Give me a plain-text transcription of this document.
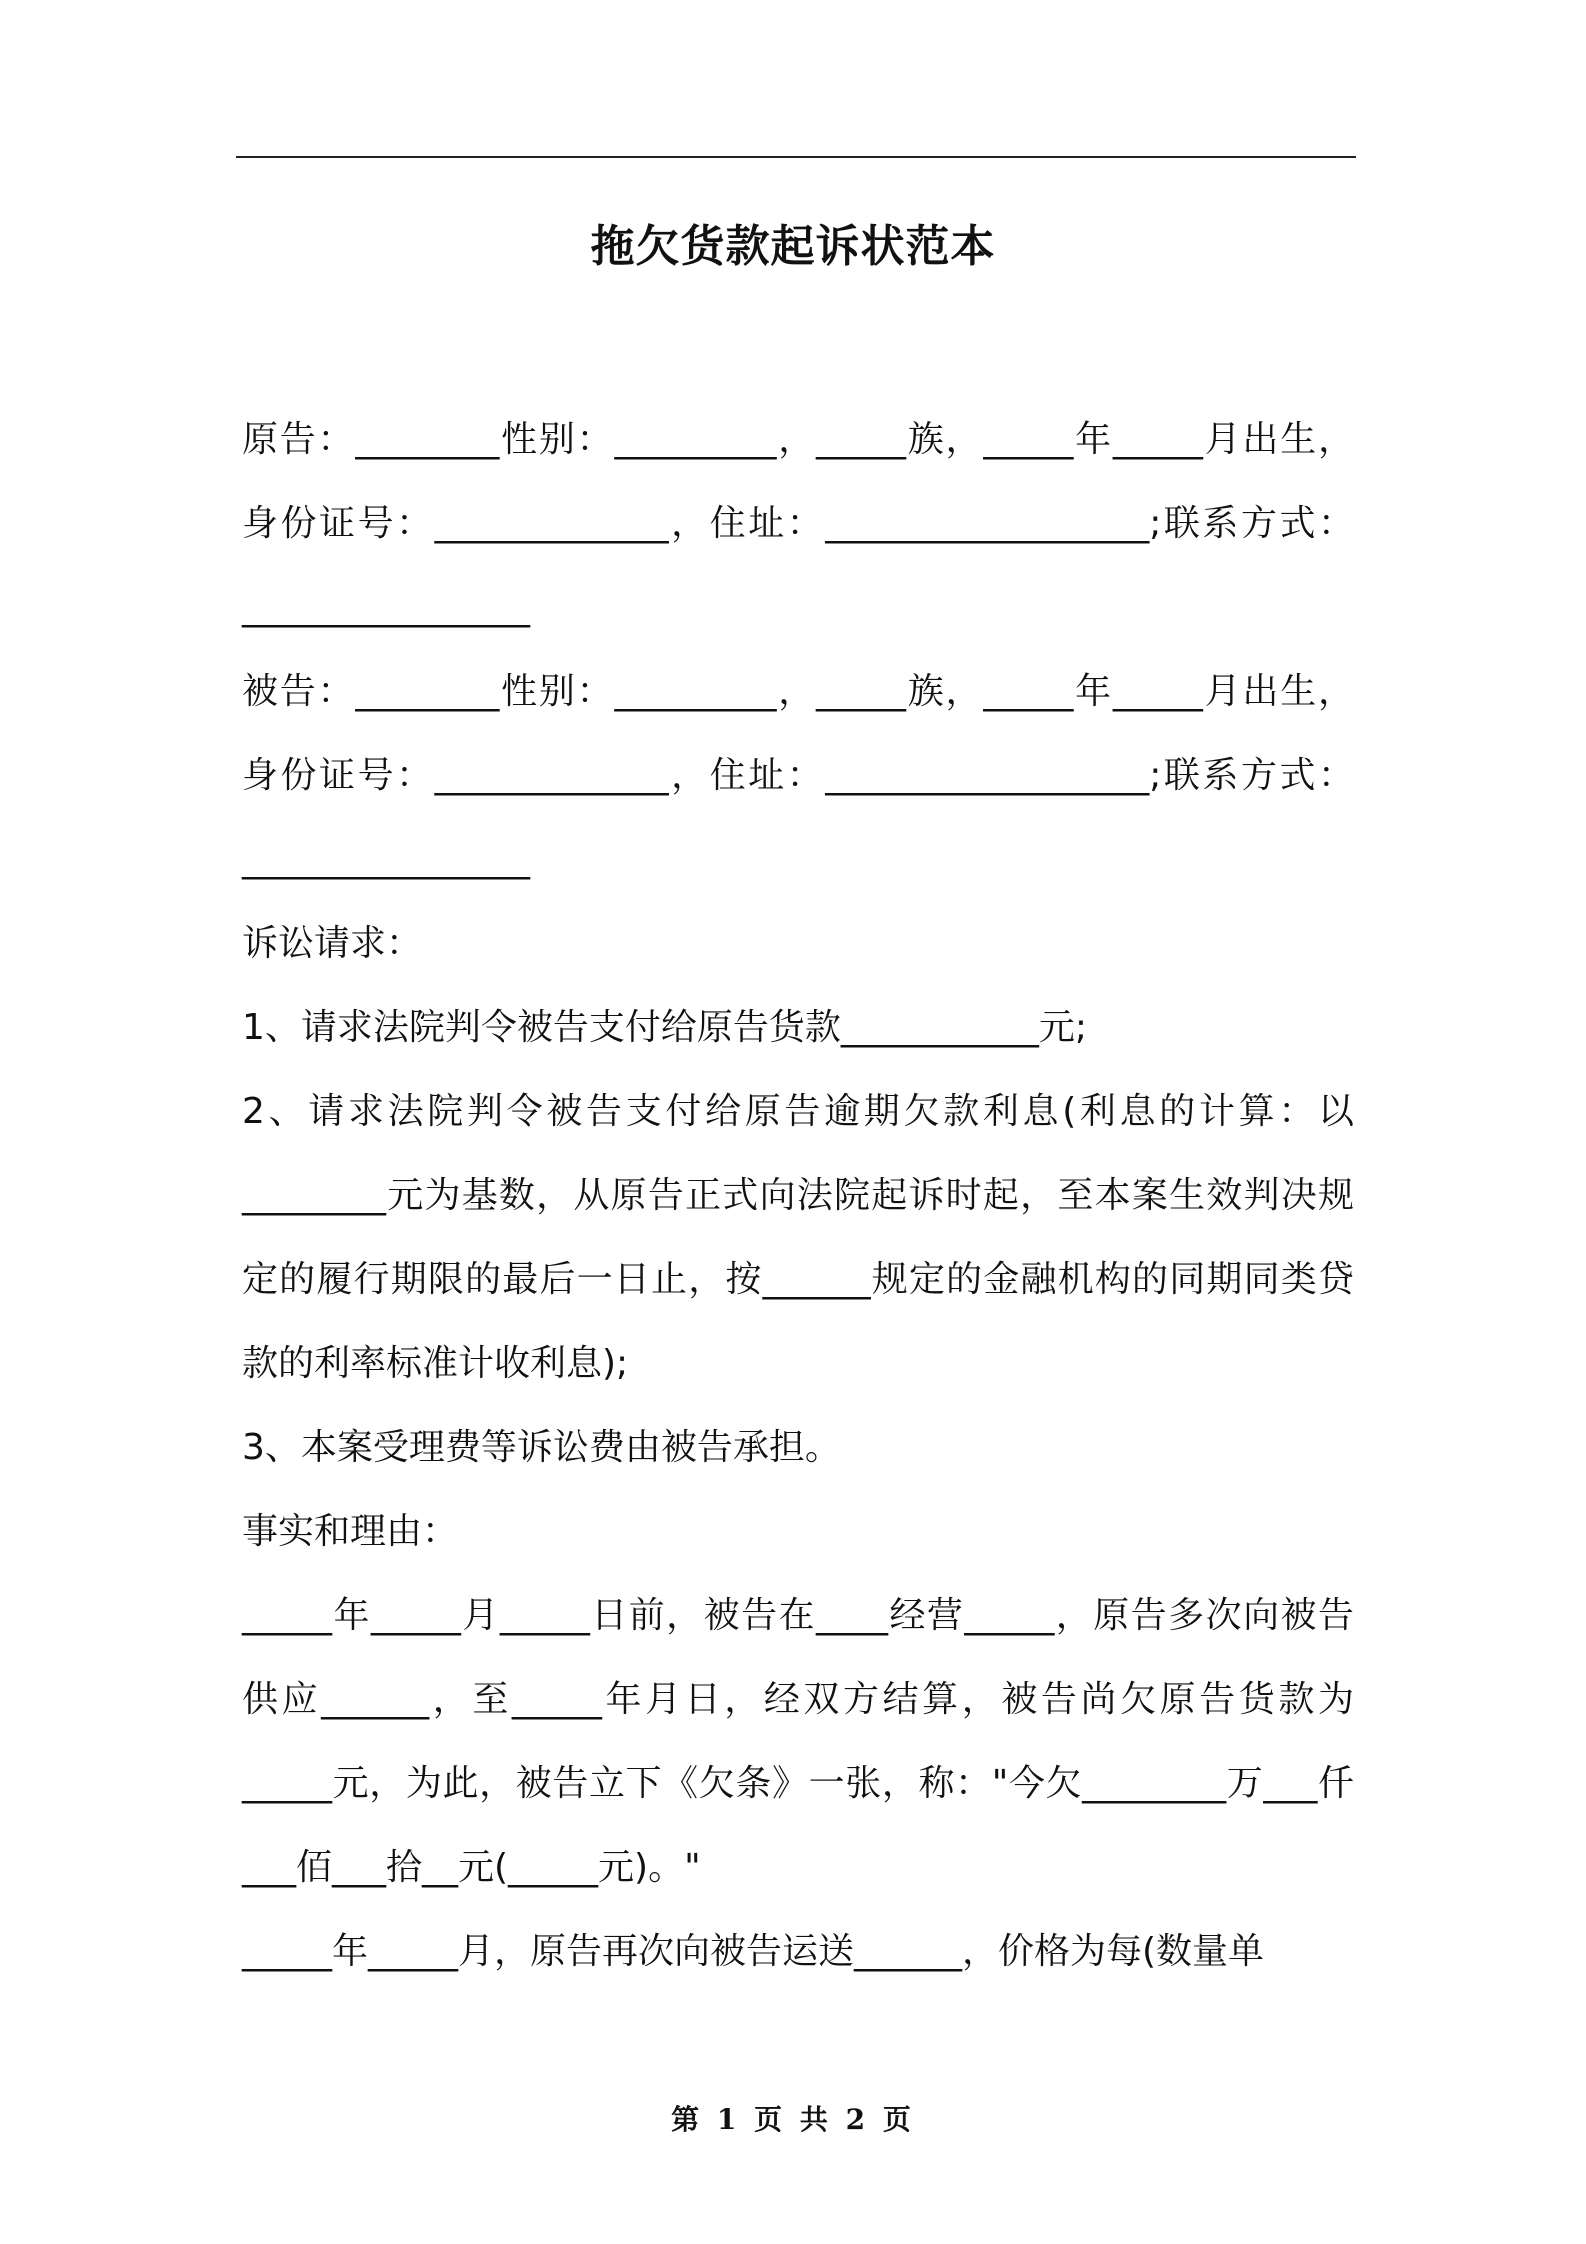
拖欠货款起诉状范本

原告：________性别：_________，_____族，_____年_____月出生，身份证号：_____________，住址：__________________;联系方式：________________

被告：________性别：_________，_____族，_____年_____月出生，身份证号：_____________，住址：__________________;联系方式：________________

诉讼请求：

1、请求法院判令被告支付给原告货款___________元;

2、请求法院判令被告支付给原告逾期欠款利息(利息的计算：以________元为基数，从原告正式向法院起诉时起，至本案生效判决规定的履行期限的最后一日止，按______规定的金融机构的同期同类贷款的利率标准计收利息);

3、本案受理费等诉讼费由被告承担。

事实和理由：

_____年_____月_____日前，被告在____经营_____，原告多次向被告供应______，至_____年月日，经双方结算，被告尚欠原告货款为_____元，为此，被告立下《欠条》一张，称："今欠________万___仟___佰___拾__元(_____元)。"

_____年_____月，原告再次向被告运送______，价格为每(数量单

第 1 页 共 2 页
